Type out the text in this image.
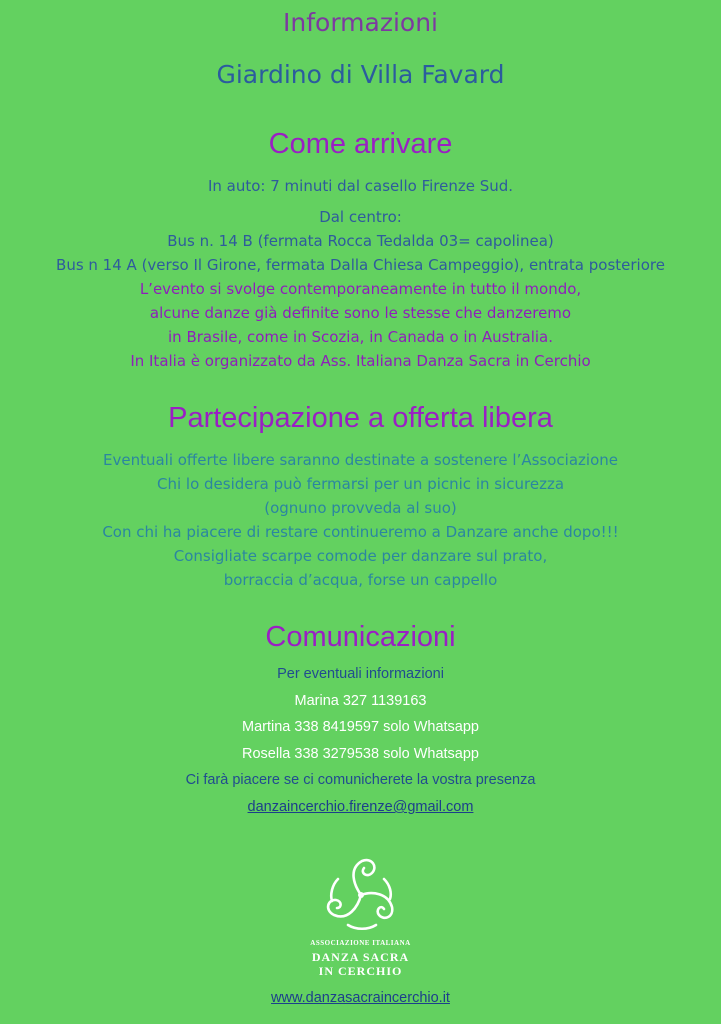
Informazioni
Giardino di Villa Favard
Come arrivare
In auto: 7 minuti dal casello Firenze Sud.
Dal centro:
Bus n. 14 B (fermata Rocca Tedalda 03= capolinea)
Bus n 14 A (verso Il Girone, fermata Dalla Chiesa Campeggio), entrata posteriore
L’evento si svolge contemporaneamente in tutto il mondo,
alcune danze già definite sono le stesse che danzeremo
in Brasile, come in Scozia, in Canada o in Australia.
In Italia è organizzato da Ass. Italiana Danza Sacra in Cerchio
Partecipazione a offerta libera
Eventuali offerte libere saranno destinate a sostenere l’Associazione
Chi lo desidera può fermarsi per un picnic in sicurezza
(ognuno provveda al suo)
Con chi ha piacere di restare continueremo a Danzare anche dopo!!!
Consigliate scarpe comode per danzare sul prato,
borraccia d’acqua, forse un cappello
Comunicazioni
Per eventuali informazioni
Marina 327 1139163
Martina 338 8419597 solo Whatsapp
Rosella 338 3279538 solo Whatsapp
Ci farà piacere se ci comunicherete la vostra presenza
danzaincerchio.firenze@gmail.com
ASSOCIAZIONE ITALIANA
DANZA SACRA
IN CERCHIO
www.danzasacraincerchio.it
